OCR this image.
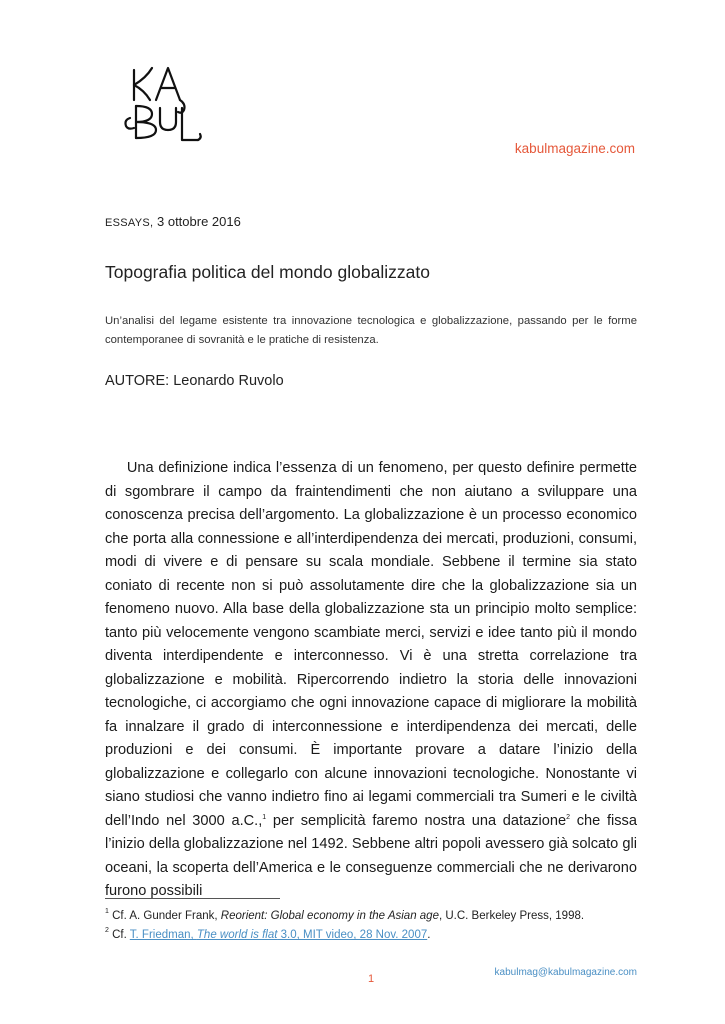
kabulmagazine.com
ESSAYS, 3 ottobre 2016
Topografia politica del mondo globalizzato

Un’analisi del legame esistente tra innovazione tecnologica e globalizzazione, passando per le forme contemporanee di sovranità e le pratiche di resistenza.

AUTORE: Leonardo Ruvolo

  Una definizione indica l’essenza di un fenomeno, per questo definire permette di sgombrare il campo da fraintendimenti che non aiutano a sviluppare una conoscenza precisa dell’argomento. La globalizzazione è un processo economico che porta alla connessione e all’interdipendenza dei mercati, produzioni, consumi, modi di vivere e di pensare su scala mondiale. Sebbene il termine sia stato coniato di recente non si può assolutamente dire che la globalizzazione sia un fenomeno nuovo. Alla base della globalizzazione sta un principio molto semplice: tanto più velocemente vengono scambiate merci, servizi e idee tanto più il mondo diventa interdipendente e interconnesso. Vi è una stretta correlazione tra globalizzazione e mobilità. Ripercorrendo indietro la storia delle innovazioni tecnologiche, ci accorgiamo che ogni innovazione capace di migliorare la mobilità fa innalzare il grado di interconnessione e interdipendenza dei mercati, delle produzioni e dei consumi. È importante provare a datare l’inizio della globalizzazione e collegarlo con alcune innovazioni tecnologiche. Nonostante vi siano studiosi che vanno indietro fino ai legami commerciali tra Sumeri e le civiltà dell’Indo nel 3000 a.C.,$^1$ per semplicità faremo nostra una datazione$^2$ che fissa l’inizio della globalizzazione nel 1492. Sebbene altri popoli avessero già solcato gli oceani, la scoperta dell’America e le conseguenze commerciali che ne derivarono furono possibili

$^1$ Cf. A. Gunder Frank, Reorient: Global economy in the Asian age, U.C. Berkeley Press, 1998.
$^2$ Cf. T. Friedman, The world is flat 3.0, MIT video, 28 Nov. 2007.
1
kabulmag@kabulmagazine.com
